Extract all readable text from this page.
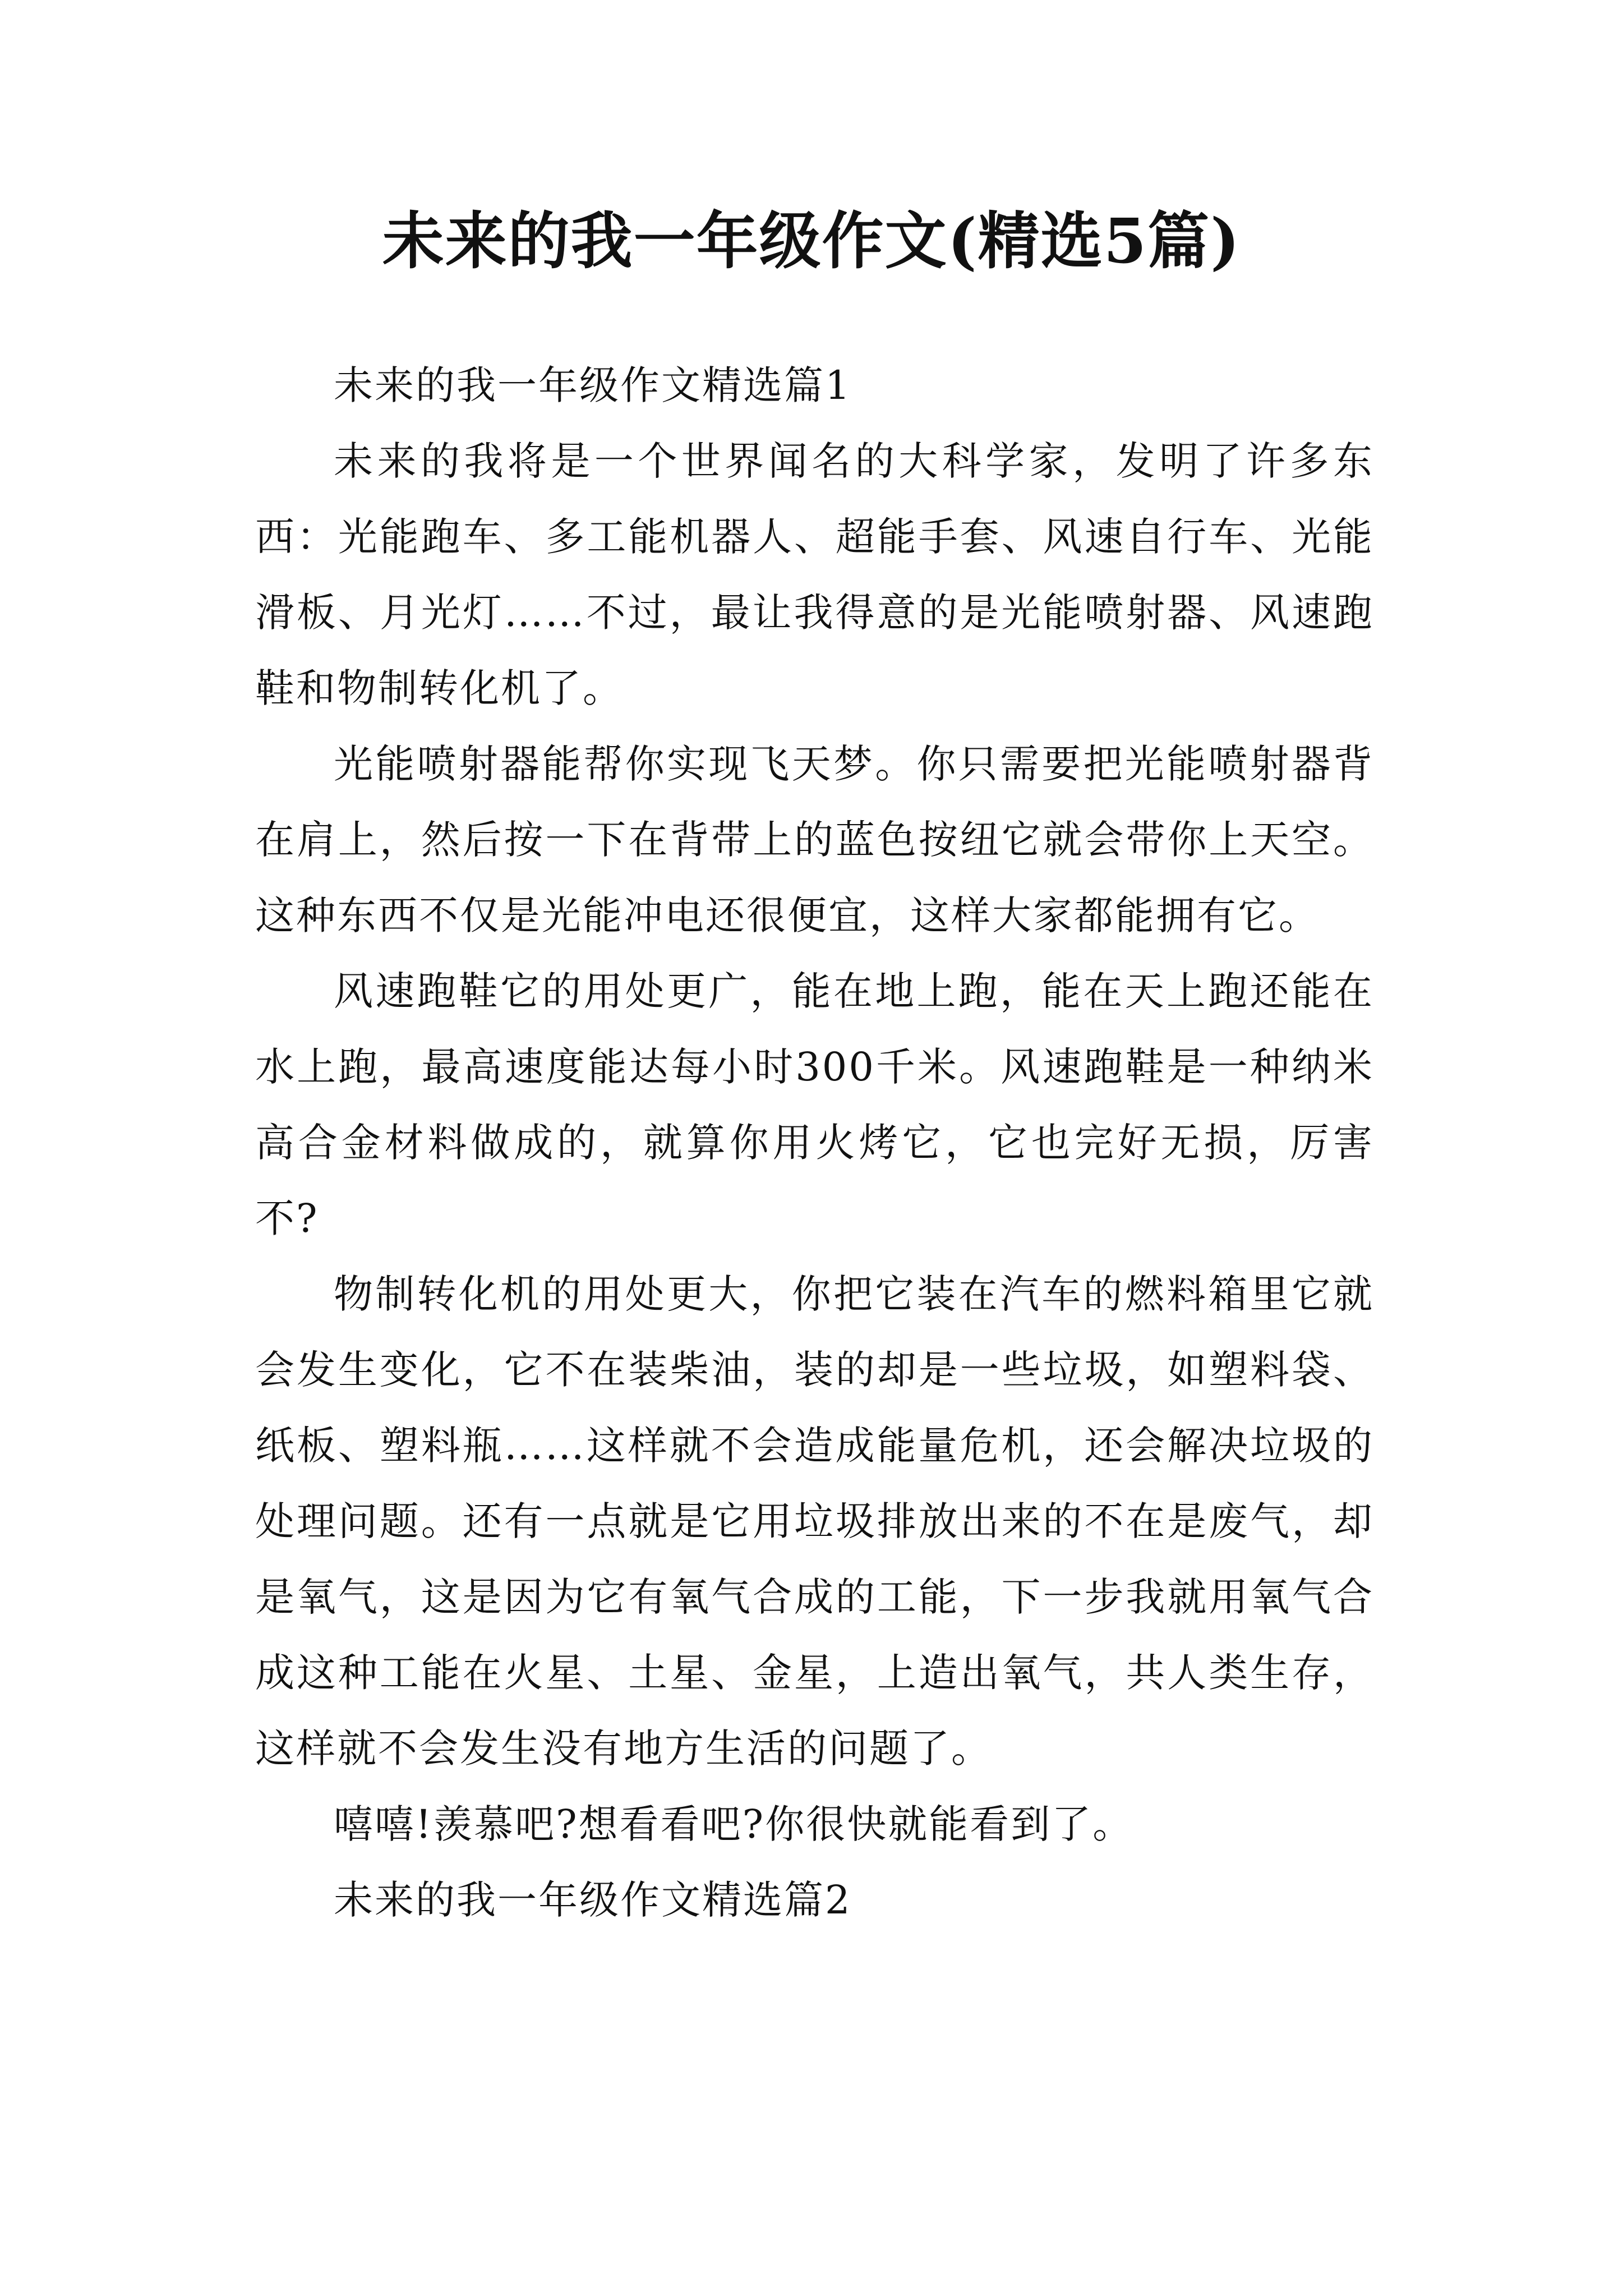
未来的我一年级作文(精选5篇)

未来的我一年级作文精选篇1

未来的我将是一个世界闻名的大科学家，发明了许多东西：光能跑车、多工能机器人、超能手套、风速自行车、光能滑板、月光灯……不过，最让我得意的是光能喷射器、风速跑鞋和物制转化机了。

光能喷射器能帮你实现飞天梦。你只需要把光能喷射器背在肩上，然后按一下在背带上的蓝色按纽它就会带你上天空。这种东西不仅是光能冲电还很便宜，这样大家都能拥有它。

风速跑鞋它的用处更广，能在地上跑，能在天上跑还能在水上跑，最高速度能达每小时300千米。风速跑鞋是一种纳米高合金材料做成的，就算你用火烤它，它也完好无损，厉害不?

物制转化机的用处更大，你把它装在汽车的燃料箱里它就会发生变化，它不在装柴油，装的却是一些垃圾，如塑料袋、纸板、塑料瓶……这样就不会造成能量危机，还会解决垃圾的处理问题。还有一点就是它用垃圾排放出来的不在是废气，却是氧气，这是因为它有氧气合成的工能，下一步我就用氧气合成这种工能在火星、土星、金星，上造出氧气，共人类生存，这样就不会发生没有地方生活的问题了。

嘻嘻!羡慕吧?想看看吧?你很快就能看到了。

未来的我一年级作文精选篇2
